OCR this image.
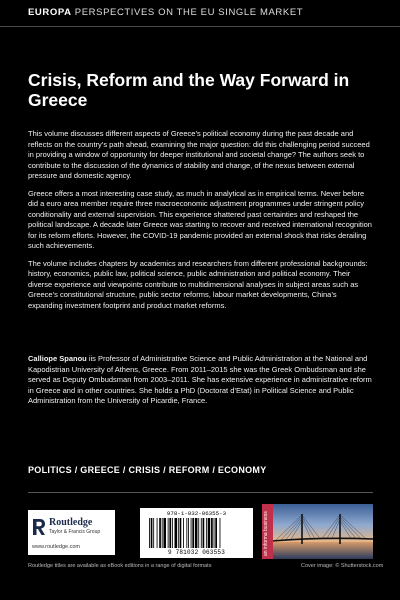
EUROPA PERSPECTIVES ON THE EU SINGLE MARKET
Crisis, Reform and the Way Forward in Greece

This volume discusses different aspects of Greece’s political economy during the past decade and reflects on the country’s path ahead, examining the major question: did this challenging period succeed in providing a window of opportunity for deeper institutional and societal change? The authors seek to contribute to the discussion of the dynamics of stability and change, of the nexus between external pressure and domestic agency.

Greece offers a most interesting case study, as much in analytical as in empirical terms. Never before did a euro area member require three macroeconomic adjustment programmes under stringent policy conditionality and external supervision. This experience shattered past certainties and reshaped the political landscape. A decade later Greece was starting to recover and received international recognition for its reform efforts. However, the COVID-19 pandemic provided an external shock that risks derailing such achievements.

The volume includes chapters by academics and researchers from different professional backgrounds: history, economics, public law, political science, public administration and political economy. Their diverse experience and viewpoints contribute to multidimensional analyses in subject areas such as Greece’s constitutional structure, public sector reforms, labour market developments, China’s expanding investment footprint and product market reforms.

Calliope Spanou iis Professor of Administrative Science and Public Administration at the National and Kapodistrian University of Athens, Greece. From 2011–2015 she was the Greek Ombudsman and she served as Deputy Ombudsman from 2003–2011. She has extensive experience in administrative reform in Greece and in other countries. She holds a PhD (Doctorat d’Etat) in Political Science and Public Administration from the University of Picardie, France.

POLITICS / GREECE / CRISIS / REFORM / ECONOMY
Routledge
Taylor & Francis Group
www.routledge.com
978-1-032-06355-3
9 781032 063553	an informa business
Routledge titles are available as eBook editions in a range of digital formats	Cover image: © Shutterstock.com
